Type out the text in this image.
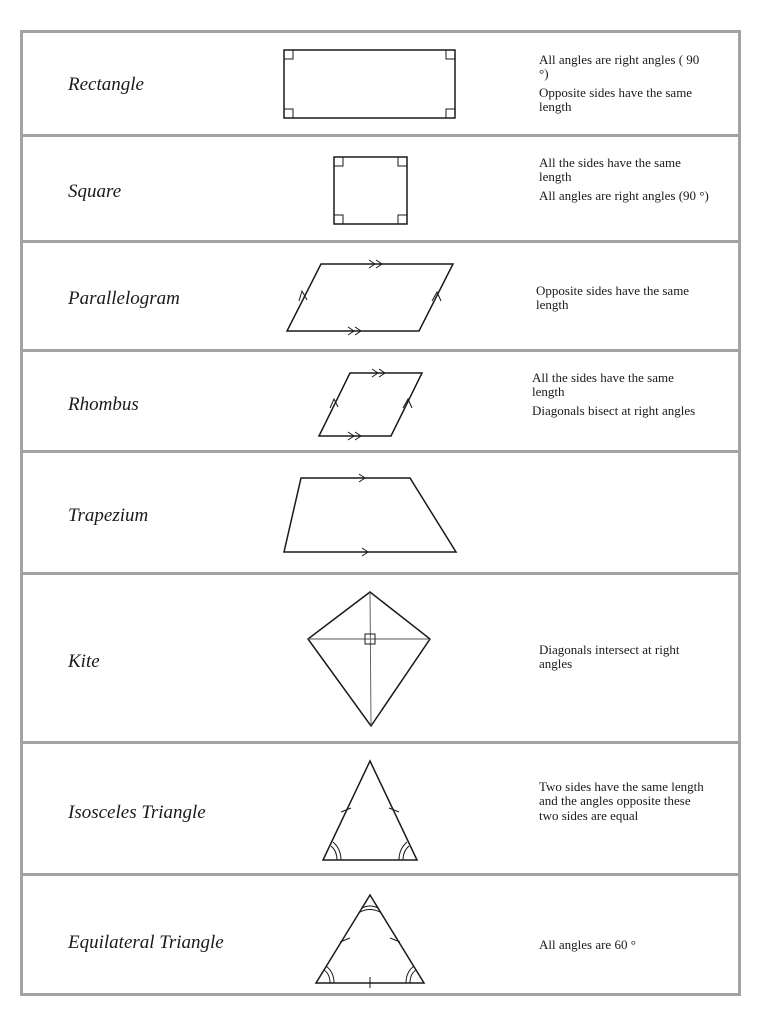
Rectangle

All angles are right angles ( 90 °)

Opposite sides have the same length

Square

All the sides have the same length

All angles are right angles (90 °)

Parallelogram	Opposite sides have the same length

Rhombus

All the sides have the same length

Diagonals bisect at right angles

Trapezium
Kite

Diagonals intersect at right angles

Isosceles Triangle

Two sides have the same length and the angles opposite these two sides are equal

Equilateral Triangle	All angles are 60 °
